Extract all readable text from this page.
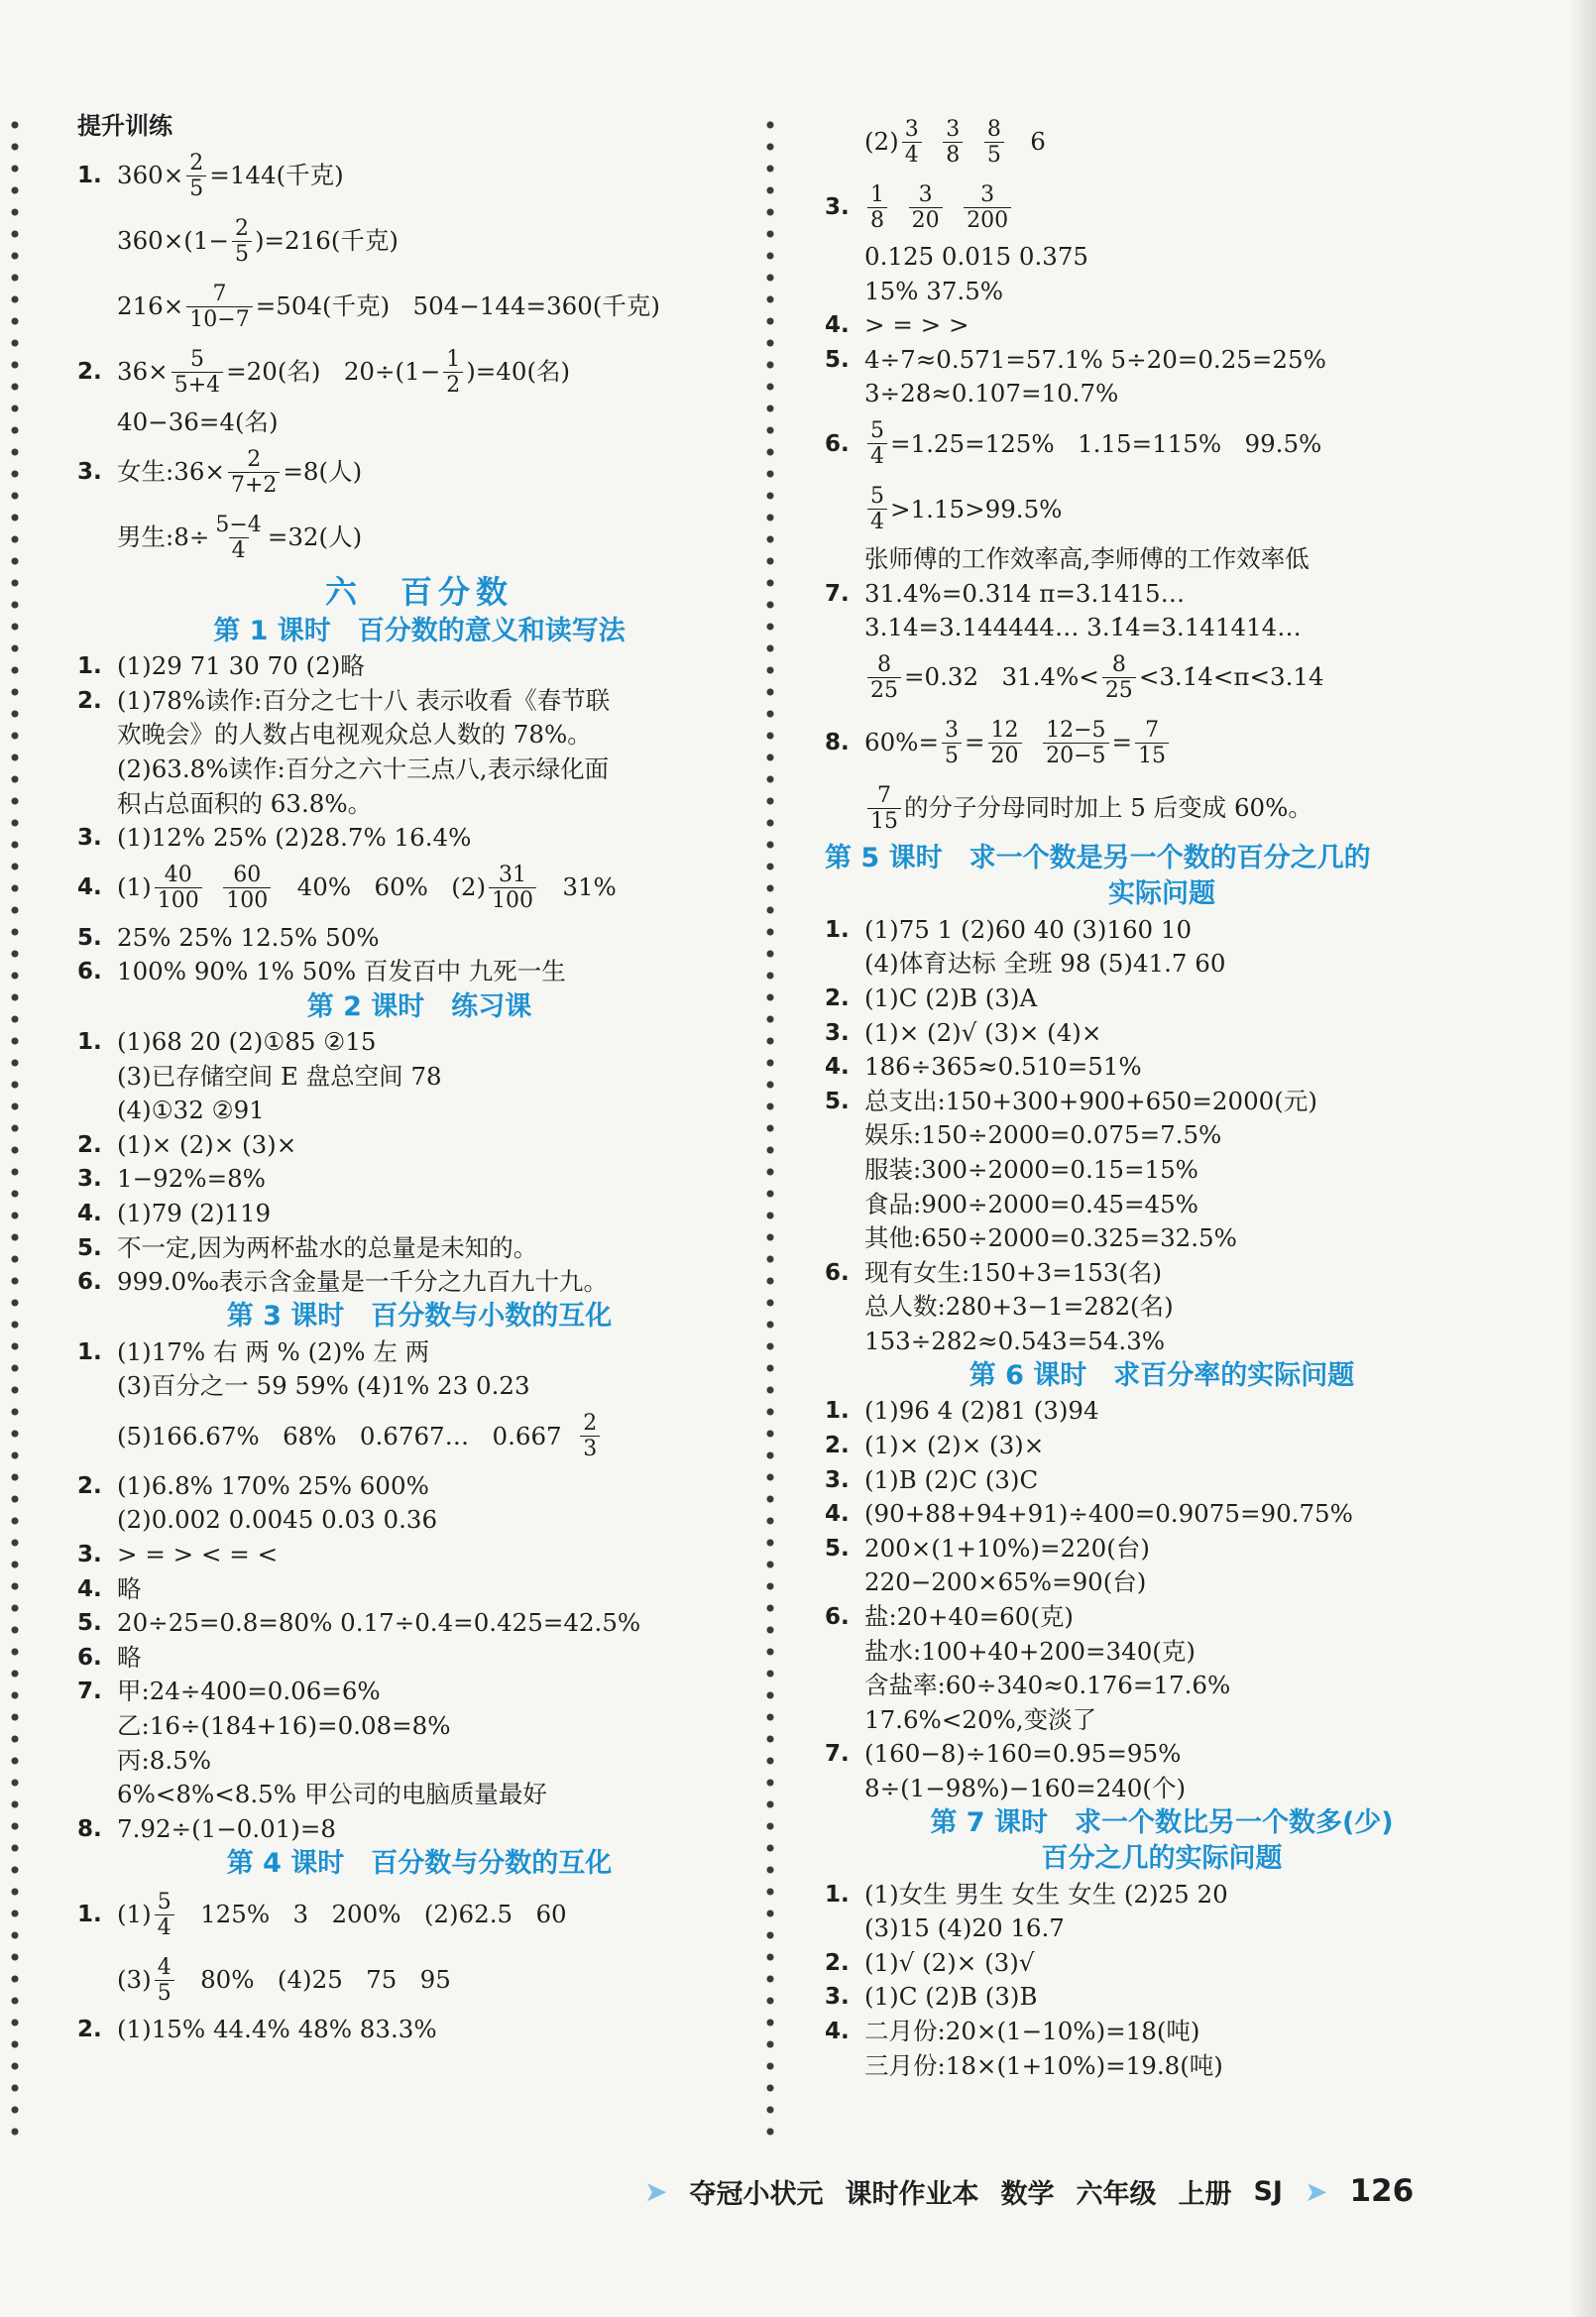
提升训练
1. $360\times \frac{2}{5} =144$(千克)
$360\times(1- \frac{2}{5} )=216$(千克)
$216\times \frac{7}{10-7} =504$(千克)   504−144=360(千克)
2. $36\times \frac{5}{5+4} =20$(名)   $20\div(1- \frac{1}{2} )=40$(名)
40−36=4(名)
3. 女生:36× $\frac{2}{7+2} =8$(人)
男生:8÷ $\frac{5-4}{4} =32$(人)
六　百分数
第 1 课时　百分数的意义和读写法
1. (1)29 71 30 70 (2)略
2. (1)78%读作:百分之七十八 表示收看《春节联
欢晚会》的人数占电视观众总人数的 78%。
(2)63.8%读作:百分之六十三点八,表示绿化面
积占总面积的 63.8%。
3. (1)12% 25% (2)28.7% 16.4%
4. $(1) \frac{40}{100}$
$\frac{60}{100} 40\%$   60%   $(2) \frac{31}{100} 31\%$
5. 25% 25% 12.5% 50%
6. 100% 90% 1% 50% 百发百中 九死一生
第 2 课时　练习课
1. (1)68 20 (2)①85 ②15
(3)已存储空间 E 盘总空间 78
(4)①32 ②91
2. (1)× (2)× (3)×
3. 1−92%=8%
4. (1)79 (2)119
5. 不一定,因为两杯盐水的总量是未知的。
6. 999.0‰表示含金量是一千分之九百九十九。
第 3 课时　百分数与小数的互化
1. (1)17% 右 两 % (2)% 左 两
(3)百分之一 59 59% (4)1% 23 0.23
(5)166.67%   68%   0.6767…   $0.667 \frac{2}{3}$
2. (1)6.8% 170% 25% 600%
(2)0.002 0.0045 0.03 0.36
3. > = > < = <
4. 略
5. 20÷25=0.8=80% 0.17÷0.4=0.425=42.5%
6. 略
7. 甲:24÷400=0.06=6%
乙:16÷(184+16)=0.08=8%
丙:8.5%
6%<8%<8.5% 甲公司的电脑质量最好
8. 7.92÷(1−0.01)=8
第 4 课时　百分数与分数的互化
1. $(1) \frac{5}{4} 125\%$   3   200%   (2)62.5   60
$(3) \frac{4}{5} 80\%$   (4)25   75   95
2. (1)15% 44.4% 48% 83.3%
$(2) \frac{3}{4}$
$\frac{3}{8}$
$\frac{8}{5} 6$
3. $\frac{1}{8}$
$\frac{3}{20}$
$\frac{3}{200}$
0.125 0.015 0.375
15% 37.5%
4. > = > >
5. 4÷7≈0.571=57.1% 5÷20=0.25=25%
3÷28≈0.107=10.7%
6. $\frac{5}{4} =1.25=125\%$   1.15=115%   99.5%
$\frac{5}{4} >1.15>99.5\%$
张师傅的工作效率高,李师傅的工作效率低
7. 31.4%=0.314 π=3.1415…
3.14̇=3.144444… 3.1̇4̇=3.141414…
$\frac{8}{25} =0.32$   $31.4\%< \frac{8}{25}$ <3.1̇4̇<π<3.14̇
8. $60\%= \frac{3}{5} = \frac{12}{20}$
$\frac{12-5}{20-5} = \frac{7}{15}$
$\frac{7}{15}$ 的分子分母同时加上 5 后变成 60%。
第 5 课时　求一个数是另一个数的百分之几的
实际问题
1. (1)75 1 (2)60 40 (3)160 10
(4)体育达标 全班 98 (5)41.7 60
2. (1)C (2)B (3)A
3. (1)× (2)√ (3)× (4)×
4. 186÷365≈0.510=51%
5. 总支出:150+300+900+650=2000(元)
娱乐:150÷2000=0.075=7.5%
服装:300÷2000=0.15=15%
食品:900÷2000=0.45=45%
其他:650÷2000=0.325=32.5%
6. 现有女生:150+3=153(名)
总人数:280+3−1=282(名)
153÷282≈0.543=54.3%
第 6 课时　求百分率的实际问题
1. (1)96 4 (2)81 (3)94
2. (1)× (2)× (3)×
3. (1)B (2)C (3)C
4. (90+88+94+91)÷400=0.9075=90.75%
5. 200×(1+10%)=220(台)
220−200×65%=90(台)
6. 盐:20+40=60(克)
盐水:100+40+200=340(克)
含盐率:60÷340≈0.176=17.6%
17.6%<20%,变淡了
7. (160−8)÷160=0.95=95%
8÷(1−98%)−160=240(个)
第 7 课时　求一个数比另一个数多(少)
百分之几的实际问题
1. (1)女生 男生 女生 女生 (2)25 20
(3)15 (4)20 16.7
2. (1)√ (2)× (3)√
3. (1)C (2)B (3)B
4. 二月份:20×(1−10%)=18(吨)
三月份:18×(1+10%)=19.8(吨)
➤ 夺冠小状元 课时作业本 数学 六年级 上册 SJ ➤ 126
